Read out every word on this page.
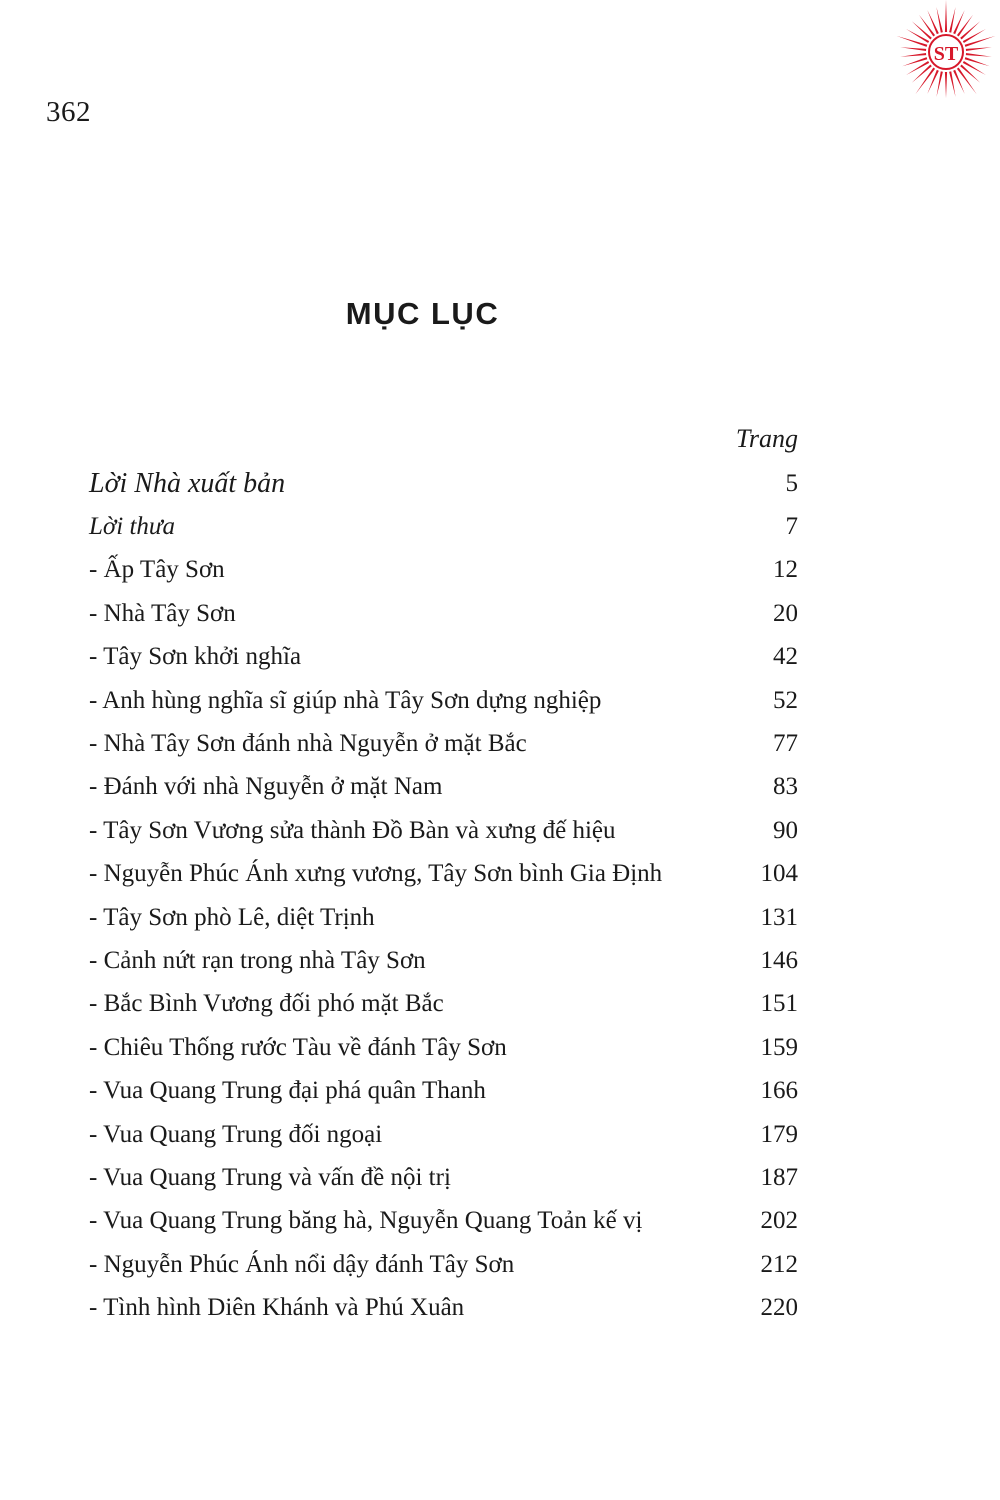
362
ST
MỤC LỤC
Trang
Lời Nhà xuất bản	5
Lời thưa	7
- Ấp Tây Sơn	12
- Nhà Tây Sơn	20
- Tây Sơn khởi nghĩa	42
- Anh hùng nghĩa sĩ giúp nhà Tây Sơn dựng nghiệp	52
- Nhà Tây Sơn đánh nhà Nguyễn ở mặt Bắc	77
- Đánh với nhà Nguyễn ở mặt Nam	83
- Tây Sơn Vương sửa thành Đồ Bàn và xưng đế hiệu	90
- Nguyễn Phúc Ánh xưng vương, Tây Sơn bình Gia Định	104
- Tây Sơn phò Lê, diệt Trịnh	131
- Cảnh nứt rạn trong nhà Tây Sơn	146
- Bắc Bình Vương đối phó mặt Bắc	151
- Chiêu Thống rước Tàu về đánh Tây Sơn	159
- Vua Quang Trung đại phá quân Thanh	166
- Vua Quang Trung đối ngoại	179
- Vua Quang Trung và vấn đề nội trị	187
- Vua Quang Trung băng hà, Nguyễn Quang Toản kế vị	202
- Nguyễn Phúc Ánh nổi dậy đánh Tây Sơn	212
- Tình hình Diên Khánh và Phú Xuân	220
